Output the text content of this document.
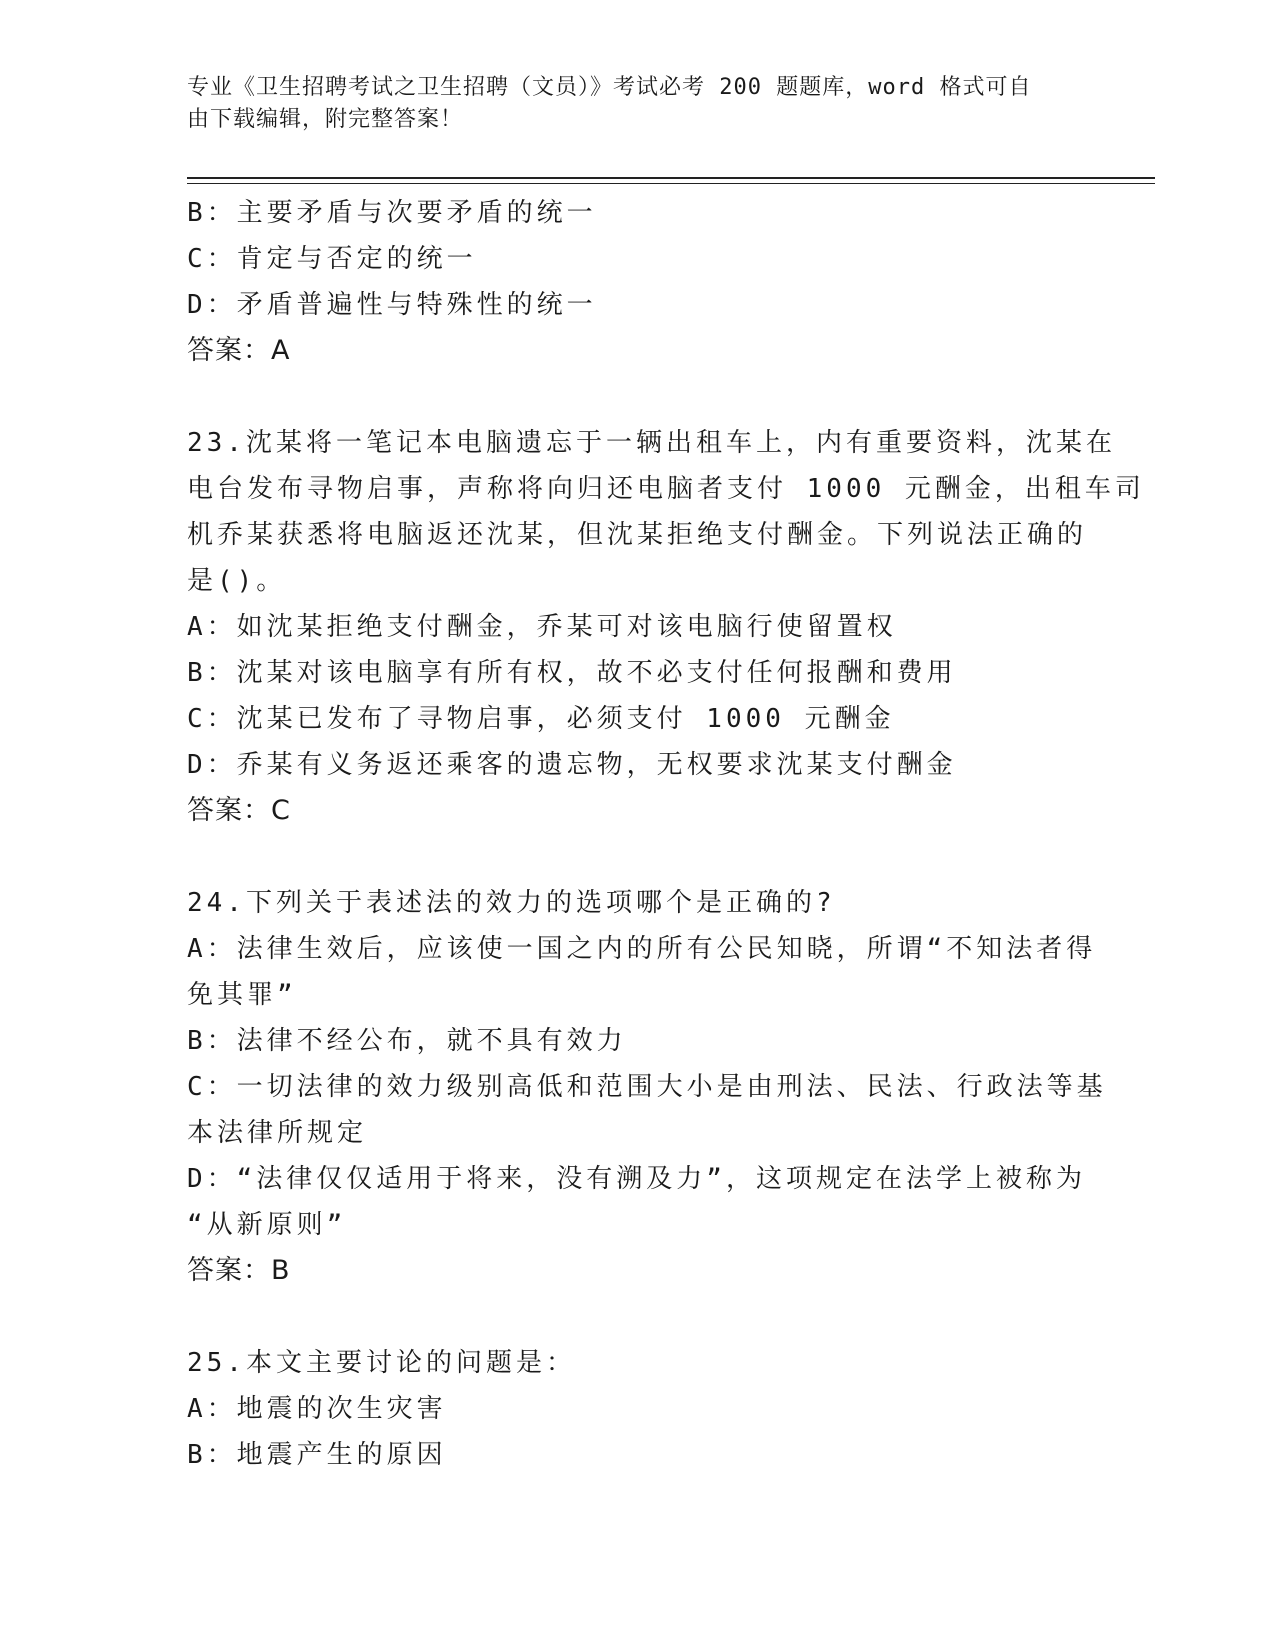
专业《卫生招聘考试之卫生招聘（文员）》考试必考 200 题题库，word 格式可自
由下载编辑，附完整答案！
B：主要矛盾与次要矛盾的统一
C：肯定与否定的统一
D：矛盾普遍性与特殊性的统一
答案：A
23.沈某将一笔记本电脑遗忘于一辆出租车上，内有重要资料，沈某在
电台发布寻物启事，声称将向归还电脑者支付 1000 元酬金，出租车司
机乔某获悉将电脑返还沈某，但沈某拒绝支付酬金。下列说法正确的
是()。
A：如沈某拒绝支付酬金，乔某可对该电脑行使留置权
B：沈某对该电脑享有所有权，故不必支付任何报酬和费用
C：沈某已发布了寻物启事，必须支付 1000 元酬金
D：乔某有义务返还乘客的遗忘物，无权要求沈某支付酬金
答案：C
24.下列关于表述法的效力的选项哪个是正确的?
A：法律生效后，应该使一国之内的所有公民知晓，所谓“不知法者得
免其罪”
B：法律不经公布，就不具有效力
C：一切法律的效力级别高低和范围大小是由刑法、民法、行政法等基
本法律所规定
D：“法律仅仅适用于将来，没有溯及力”，这项规定在法学上被称为
“从新原则”
答案：B
25.本文主要讨论的问题是：
A：地震的次生灾害
B：地震产生的原因
